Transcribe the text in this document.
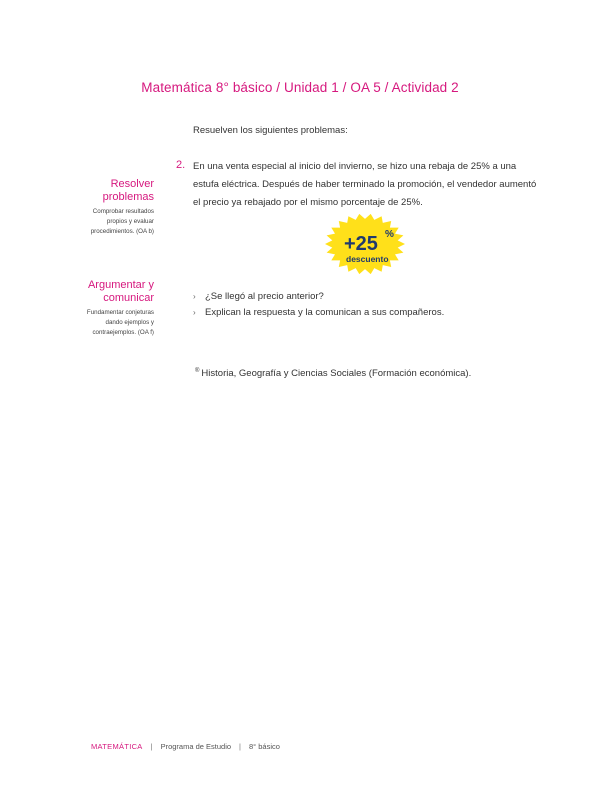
Matemática 8° básico / Unidad 1 / OA 5 / Actividad 2
Resuelven los siguientes problemas:
2. En una venta especial al inicio del invierno, se hizo una rebaja de 25% a una estufa eléctrica. Después de haber terminado la promoción, el vendedor aumentó el precio ya rebajado por el mismo porcentaje de 25%.
Resolver
problemas
Comprobar resultados
propios y evaluar
procedimientos. (OA b)
Argumentar y
comunicar
Fundamentar conjeturas
dando ejemplos y
contraejemplos. (OA f)
+25 %
descuento
› ¿Se llegó al precio anterior?
› Explican la respuesta y la comunican a sus compañeros.
® Historia, Geografía y Ciencias Sociales (Formación económica).
MATEMÁTICA | Programa de Estudio | 8° básico
